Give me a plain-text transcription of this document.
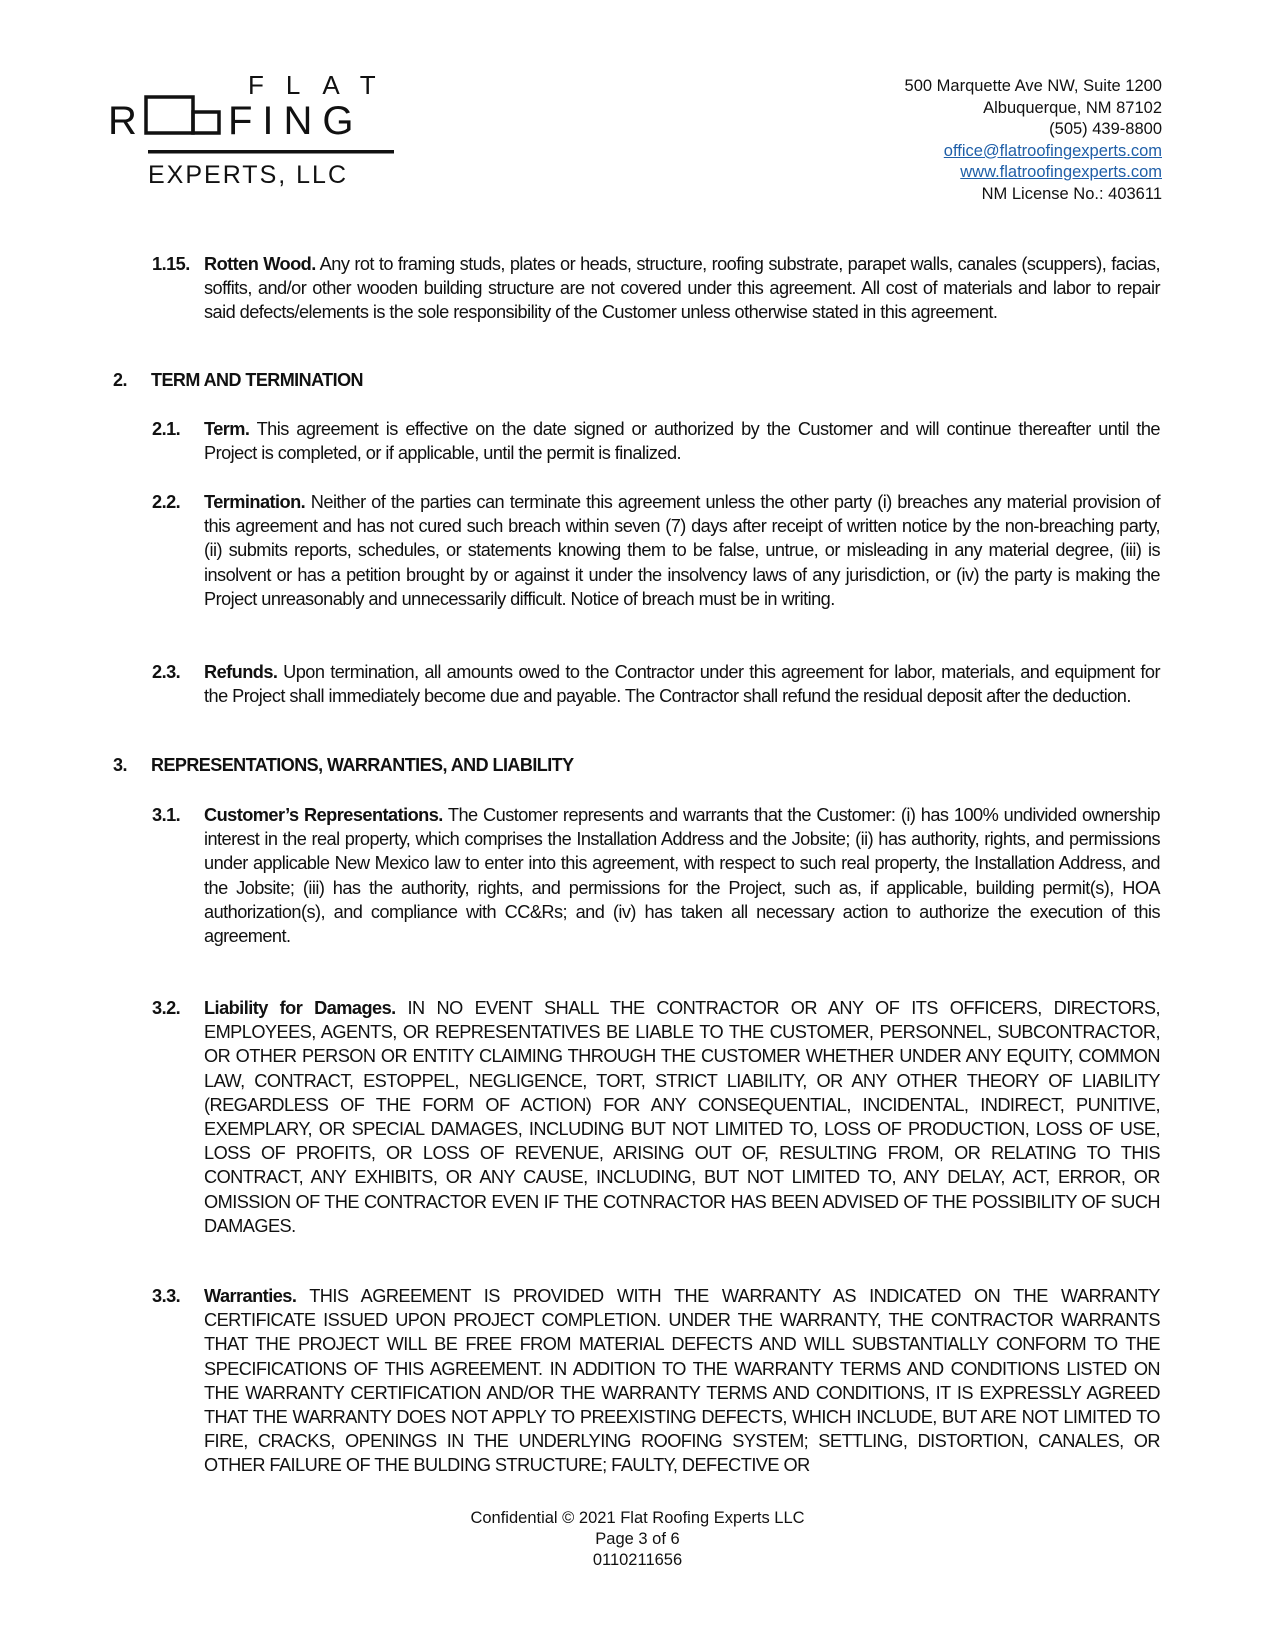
FLAT
R FING
EXPERTS, LLC
500 Marquette Ave NW, Suite 1200
Albuquerque, NM 87102
(505) 439-8800
office@flatroofingexperts.com
www.flatroofingexperts.com
NM License No.: 403611
1.15. Rotten Wood. Any rot to framing studs, plates or heads, structure, roofing substrate, parapet walls, canales (scuppers), facias, soffits, and/or other wooden building structure are not covered under this agreement. All cost of materials and labor to repair said defects/elements is the sole responsibility of the Customer unless otherwise stated in this agreement.
2.	TERM AND TERMINATION
2.1. Term. This agreement is effective on the date signed or authorized by the Customer and will continue thereafter until the Project is completed, or if applicable, until the permit is finalized.
2.2. Termination. Neither of the parties can terminate this agreement unless the other party (i) breaches any material provision of this agreement and has not cured such breach within seven (7) days after receipt of written notice by the non-breaching party, (ii) submits reports, schedules, or statements knowing them to be false, untrue, or misleading in any material degree, (iii) is insolvent or has a petition brought by or against it under the insolvency laws of any jurisdiction, or (iv) the party is making the Project unreasonably and unnecessarily difficult. Notice of breach must be in writing.
2.3. Refunds. Upon termination, all amounts owed to the Contractor under this agreement for labor, materials, and equipment for the Project shall immediately become due and payable. The Contractor shall refund the residual deposit after the deduction.
3.	REPRESENTATIONS, WARRANTIES, AND LIABILITY
3.1. Customer’s Representations. The Customer represents and warrants that the Customer: (i) has 100% undivided ownership interest in the real property, which comprises the Installation Address and the Jobsite; (ii) has authority, rights, and permissions under applicable New Mexico law to enter into this agreement, with respect to such real property, the Installation Address, and the Jobsite; (iii) has the authority, rights, and permissions for the Project, such as, if applicable, building permit(s), HOA authorization(s), and compliance with CC&Rs; and (iv) has taken all necessary action to authorize the execution of this agreement.
3.2. Liability for Damages. IN NO EVENT SHALL THE CONTRACTOR OR ANY OF ITS OFFICERS, DIRECTORS, EMPLOYEES, AGENTS, OR REPRESENTATIVES BE LIABLE TO THE CUSTOMER, PERSONNEL, SUBCONTRACTOR, OR OTHER PERSON OR ENTITY CLAIMING THROUGH THE CUSTOMER WHETHER UNDER ANY EQUITY, COMMON LAW, CONTRACT, ESTOPPEL, NEGLIGENCE, TORT, STRICT LIABILITY, OR ANY OTHER THEORY OF LIABILITY (REGARDLESS OF THE FORM OF ACTION) FOR ANY CONSEQUENTIAL, INCIDENTAL, INDIRECT, PUNITIVE, EXEMPLARY, OR SPECIAL DAMAGES, INCLUDING BUT NOT LIMITED TO, LOSS OF PRODUCTION, LOSS OF USE, LOSS OF PROFITS, OR LOSS OF REVENUE, ARISING OUT OF, RESULTING FROM, OR RELATING TO THIS CONTRACT, ANY EXHIBITS, OR ANY CAUSE, INCLUDING, BUT NOT LIMITED TO, ANY DELAY, ACT, ERROR, OR OMISSION OF THE CONTRACTOR EVEN IF THE COTNRACTOR HAS BEEN ADVISED OF THE POSSIBILITY OF SUCH DAMAGES.
3.3. Warranties. THIS AGREEMENT IS PROVIDED WITH THE WARRANTY AS INDICATED ON THE WARRANTY CERTIFICATE ISSUED UPON PROJECT COMPLETION. UNDER THE WARRANTY, THE CONTRACTOR WARRANTS THAT THE PROJECT WILL BE FREE FROM MATERIAL DEFECTS AND WILL SUBSTANTIALLY CONFORM TO THE SPECIFICATIONS OF THIS AGREEMENT. IN ADDITION TO THE WARRANTY TERMS AND CONDITIONS LISTED ON THE WARRANTY CERTIFICATION AND/OR THE WARRANTY TERMS AND CONDITIONS, IT IS EXPRESSLY AGREED THAT THE WARRANTY DOES NOT APPLY TO PREEXISTING DEFECTS, WHICH INCLUDE, BUT ARE NOT LIMITED TO FIRE, CRACKS, OPENINGS IN THE UNDERLYING ROOFING SYSTEM; SETTLING, DISTORTION, CANALES, OR OTHER FAILURE OF THE BULDING STRUCTURE; FAULTY, DEFECTIVE OR
Confidential © 2021 Flat Roofing Experts LLC
Page 3 of 6
0110211656
